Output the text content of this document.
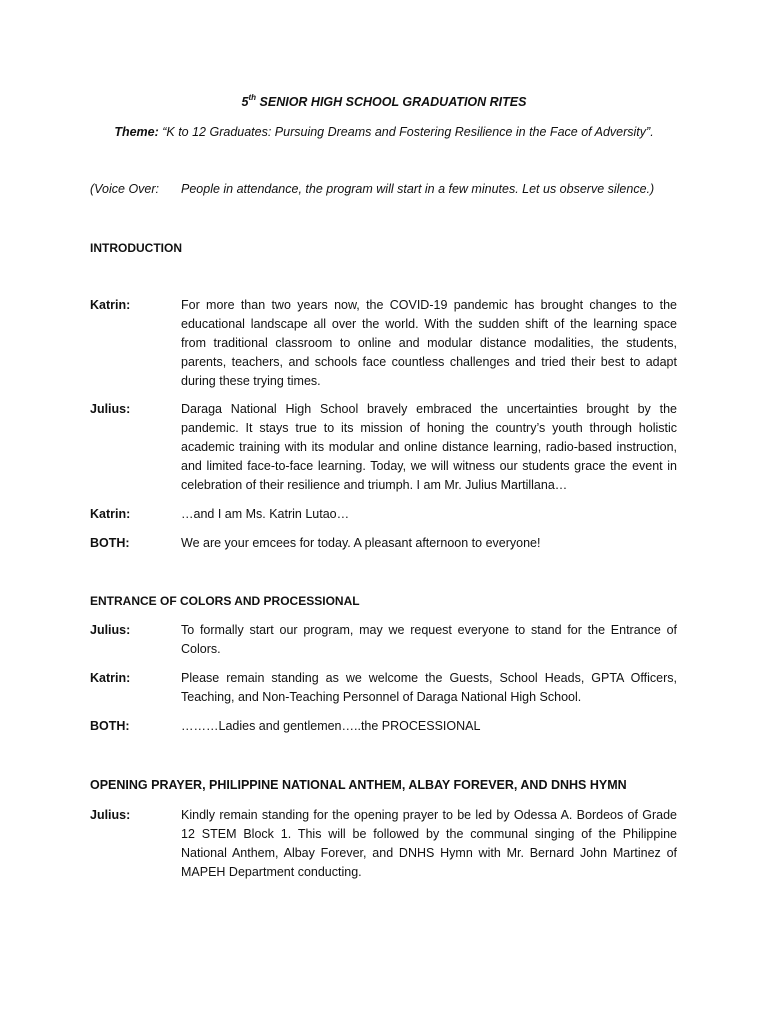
5th SENIOR HIGH SCHOOL GRADUATION RITES
Theme: “K to 12 Graduates: Pursuing Dreams and Fostering Resilience in the Face of Adversity”.
(Voice Over: People in attendance, the program will start in a few minutes. Let us observe silence.)
INTRODUCTION
Katrin:	For more than two years now, the COVID-19 pandemic has brought changes to the
educational landscape all over the world. With the sudden shift of the learning space
from traditional classroom to online and modular distance modalities, the students,
parents, teachers, and schools face countless challenges and tried their best to adapt
during these trying times.
Julius:	Daraga National High School bravely embraced the uncertainties brought by the
pandemic. It stays true to its mission of honing the country’s youth through holistic
academic training with its modular and online distance learning, radio-based instruction,
and limited face-to-face learning. Today, we will witness our students grace the event in
celebration of their resilience and triumph. I am Mr. Julius Martillana…
Katrin:	…and I am Ms. Katrin Lutao…
BOTH:	We are your emcees for today. A pleasant afternoon to everyone!
ENTRANCE OF COLORS AND PROCESSIONAL
Julius:	To formally start our program, may we request everyone to stand for the Entrance of
Colors.
Katrin:	Please remain standing as we welcome the Guests, School Heads, GPTA Officers,
Teaching, and Non-Teaching Personnel of Daraga National High School.
BOTH:	………Ladies and gentlemen…..the PROCESSIONAL
OPENING PRAYER, PHILIPPINE NATIONAL ANTHEM, ALBAY FOREVER, AND DNHS HYMN
Julius:	Kindly remain standing for the opening prayer to be led by Odessa A. Bordeos of Grade
12 STEM Block 1. This will be followed by the communal singing of the Philippine
National Anthem, Albay Forever, and DNHS Hymn with Mr. Bernard John Martinez of
MAPEH Department conducting.
